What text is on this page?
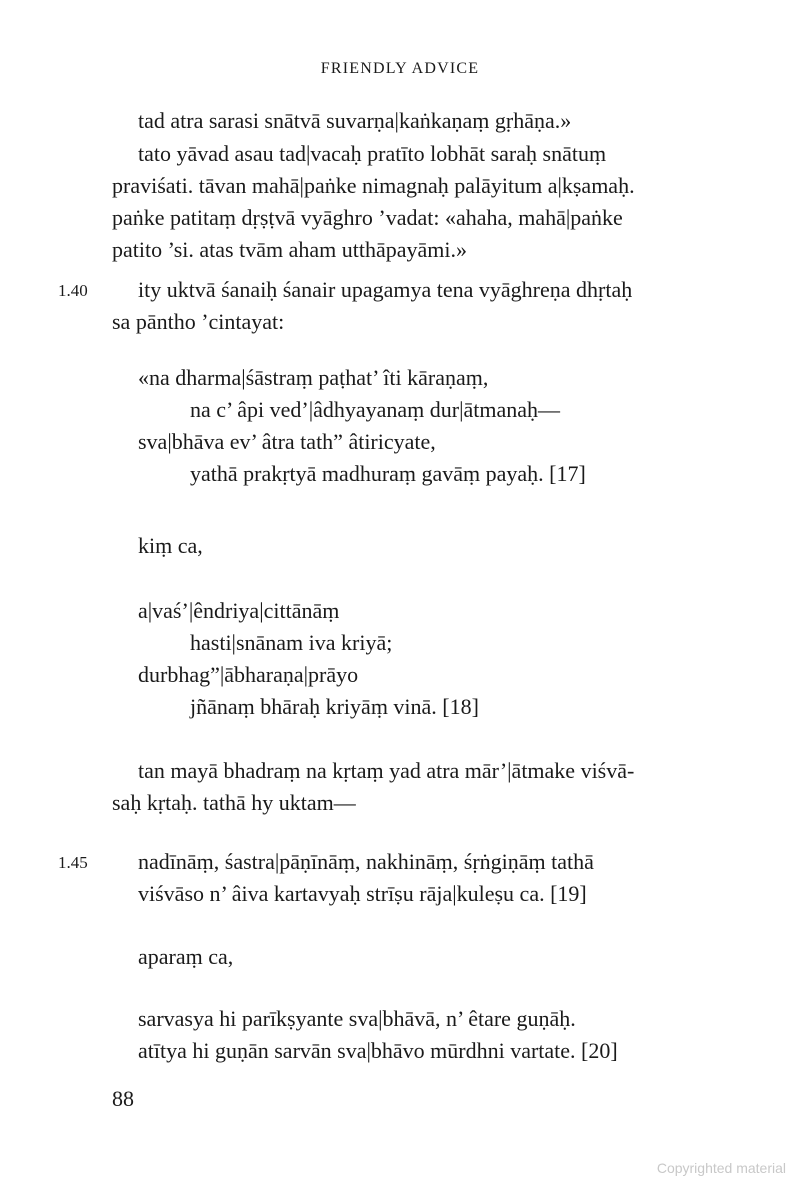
FRIENDLY ADVICE
tad atra sarasi snātvā suvarṇa|kaṅkaṇaṃ gṛhāṇa.»
tato yāvad asau tad|vacaḥ pratīto lobhāt saraḥ snātuṃ
praviśati. tāvan mahā|paṅke nimagnaḥ palāyitum a|kṣamaḥ.
paṅke patitaṃ dṛṣṭvā vyāghro ’vadat: «ahaha, mahā|paṅke
patito ’si. atas tvām aham utthāpayāmi.»
1.40 ity uktvā śanaiḥ śanair upagamya tena vyāghreṇa dhṛtaḥ
sa pāntho ’cintayat:
«na dharma|śāstraṃ paṭhat’ îti kāraṇaṃ,
na c’ âpi ved’|âdhyayanaṃ dur|ātmanaḥ—
sva|bhāva ev’ âtra tath” âtiricyate,
yathā prakṛtyā madhuraṃ gavāṃ payaḥ. [17]
kiṃ ca,
a|vaś’|êndriya|cittānāṃ
hasti|snānam iva kriyā;
durbhag”|ābharaṇa|prāyo
jñānaṃ bhāraḥ kriyāṃ vinā. [18]
tan mayā bhadraṃ na kṛtaṃ yad atra mār’|ātmake viśvā-
saḥ kṛtaḥ. tathā hy uktam—
1.45 nadīnāṃ, śastra|pāṇīnāṃ, nakhināṃ, śṛṅgiṇāṃ tathā
viśvāso n’ âiva kartavyaḥ strīṣu rāja|kuleṣu ca. [19]
aparaṃ ca,
sarvasya hi parīkṣyante sva|bhāvā, n’ êtare guṇāḥ.
atītya hi guṇān sarvān sva|bhāvo mūrdhni vartate. [20]
88
Copyrighted material
